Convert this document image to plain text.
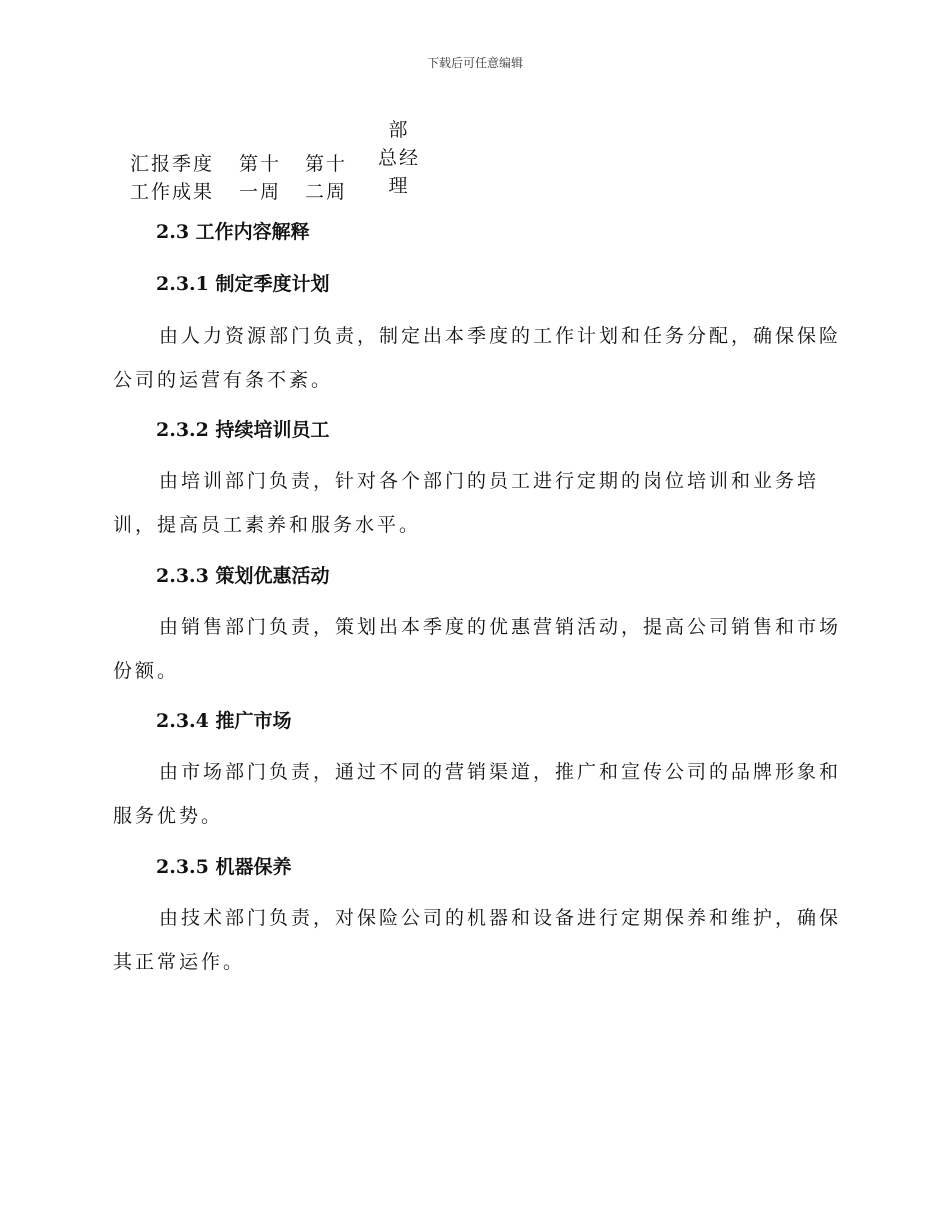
下载后可任意编辑
汇报季度
工作成果
第十
一周
第十
二周
部
总经
理
2.3 工作内容解释
2.3.1 制定季度计划
由人力资源部门负责，制定出本季度的工作计划和任务分配，确保保险公司的运营有条不紊。
2.3.2 持续培训员工
由培训部门负责，针对各个部门的员工进行定期的岗位培训和业务培训，提高员工素养和服务水平。
2.3.3 策划优惠活动
由销售部门负责，策划出本季度的优惠营销活动，提高公司销售和市场份额。
2.3.4 推广市场
由市场部门负责，通过不同的营销渠道，推广和宣传公司的品牌形象和服务优势。
2.3.5 机器保养
由技术部门负责，对保险公司的机器和设备进行定期保养和维护，确保其正常运作。
